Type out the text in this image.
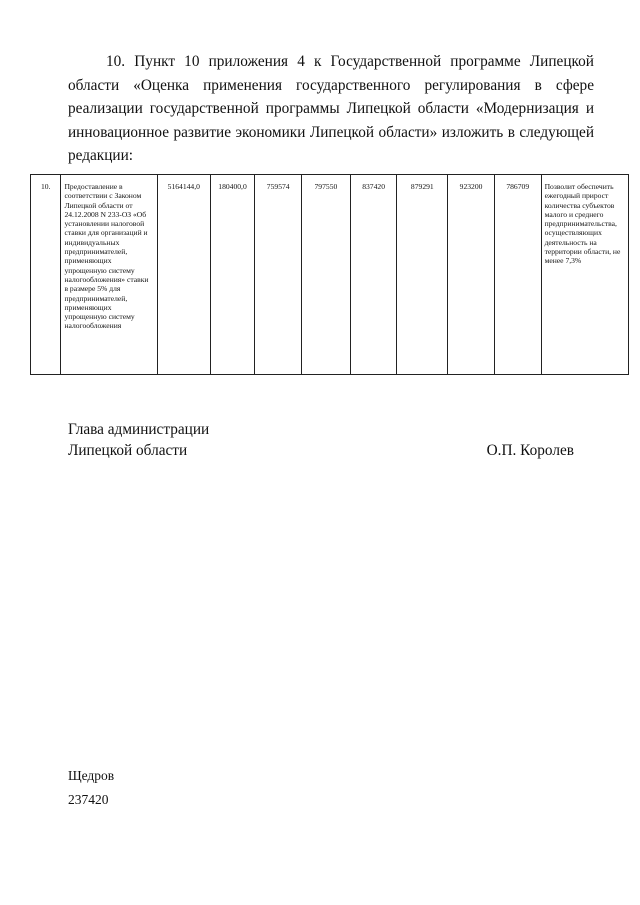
10. Пункт 10 приложения 4 к Государственной программе Липецкой области «Оценка применения государственного регулирования в сфере реализации государственной программы Липецкой области «Модернизация и инновационное развитие экономики Липецкой области» изложить в следующей редакции:

10.	Предоставление в соответствии с Законом Липецкой области от 24.12.2008 N 233-ОЗ «Об установлении налоговой ставки для организаций и индивидуальных предпринимателей, применяющих упрощенную систему налогообложения» ставки в размере 5% для предпринимателей, применяющих упрощенную систему налогообложения	5164144,0	180400,0	759574	797550	837420	879291	923200	786709	Позволит обеспечить ежегодный прирост количества субъектов малого и среднего предпринимательства, осуществляющих деятельность на территории области, не менее 7,3%
Глава администрации
Липецкой области	О.П. Королев
Щедров
237420
